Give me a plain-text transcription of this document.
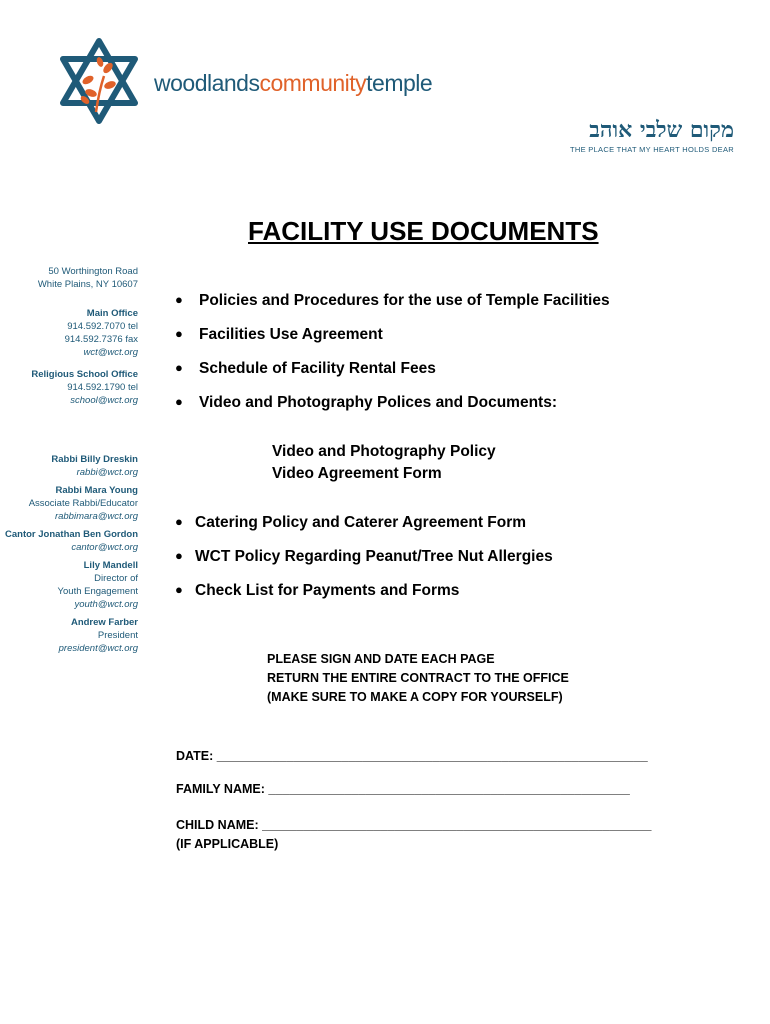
woodlandscommunitytemple
מקום שלבי אוהב
THE PLACE THAT MY HEART HOLDS DEAR
50 Worthington Road
White Plains, NY 10607
Main Office
914.592.7070 tel
914.592.7376 fax
wct@wct.org
Religious School Office
914.592.1790 tel
school@wct.org
Rabbi Billy Dreskin
rabbi@wct.org
Rabbi Mara Young
Associate Rabbi/Educator
rabbimara@wct.org
Cantor Jonathan Ben Gordon
cantor@wct.org
Lily Mandell
Director of
Youth Engagement
youth@wct.org
Andrew Farber
President
president@wct.org
FACILITY USE DOCUMENTS
● Policies and Procedures for the use of Temple Facilities
● Facilities Use Agreement
● Schedule of Facility Rental Fees
● Video and Photography Polices and Documents:
Video and Photography Policy
Video Agreement Form
● Catering Policy and Caterer Agreement Form
● WCT Policy Regarding Peanut/Tree Nut Allergies
● Check List for Payments and Forms
PLEASE SIGN AND DATE EACH PAGE
RETURN THE ENTIRE CONTRACT TO THE OFFICE
(MAKE SURE TO MAKE A COPY FOR YOURSELF)
DATE: ______________________________________________________________
FAMILY NAME: ____________________________________________________
CHILD NAME: ________________________________________________________
(IF APPLICABLE)
